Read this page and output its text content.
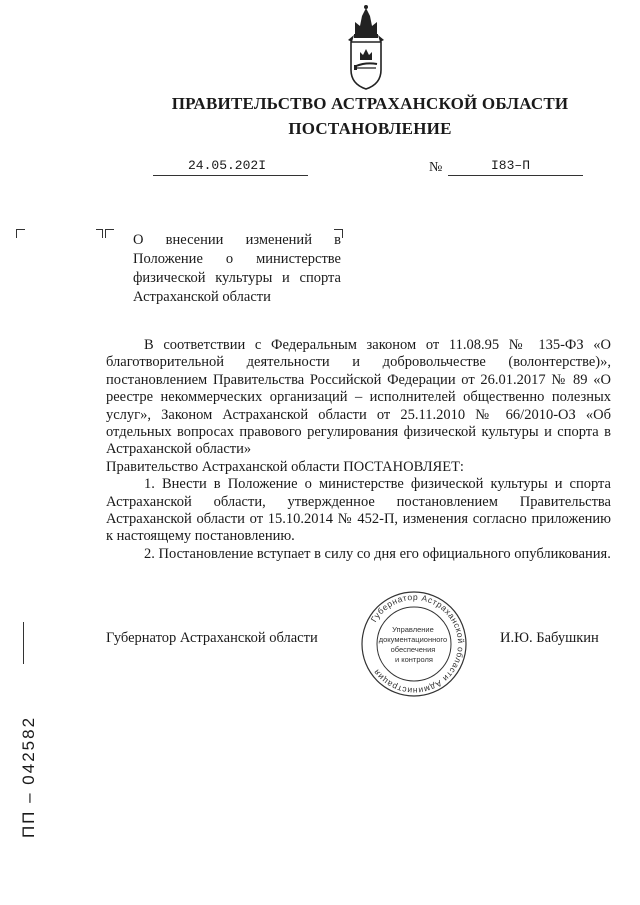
ПРАВИТЕЛЬСТВО АСТРАХАНСКОЙ ОБЛАСТИ
ПОСТАНОВЛЕНИЕ
24.05.202I	№	I83–П
О внесении изменений в Положение о министерстве физической культуры и спорта Астраханской области

В соответствии с Федеральным законом от 11.08.95 № 135-ФЗ «О благотворительной деятельности и добровольчестве (волонтерстве)», постановлением Правительства Российской Федерации от 26.01.2017 № 89 «О реестре некоммерческих организаций – исполнителей общественно полезных услуг», Законом Астраханской области от 25.11.2010 № 66/2010-ОЗ «Об отдельных вопросах правового регулирования физической культуры и спорта в Астраханской области»

Правительство Астраханской области ПОСТАНОВЛЯЕТ:

1. Внести в Положение о министерстве физической культуры и спорта Астраханской области, утвержденное постановлением Правительства Астраханской области от 15.10.2014 № 452-П, изменения согласно приложению к настоящему постановлению.

2. Постановление вступает в силу со дня его официального опубликования.

Губернатор Астраханской области	И.Ю. Бабушкин
Губернатор Астраханской области Администрация
Управление документационного обеспечения и контроля
ПП – 042582
